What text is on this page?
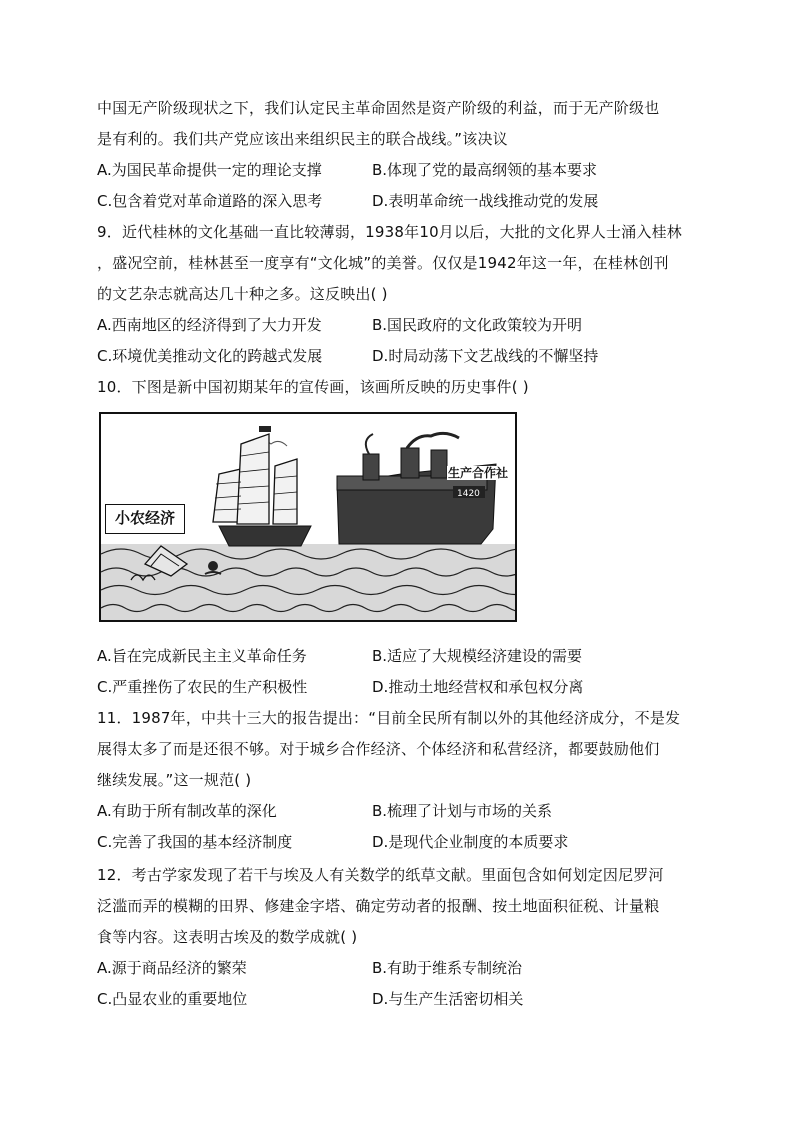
中国无产阶级现状之下，我们认定民主革命固然是资产阶级的利益，而于无产阶级也
是有利的。我们共产党应该出来组织民主的联合战线。”该决议
A.为国民革命提供一定的理论支撑	B.体现了党的最高纲领的基本要求
C.包含着党对革命道路的深入思考	D.表明革命统一战线推动党的发展
9．近代桂林的文化基础一直比较薄弱，1938年10月以后，大批的文化界人士涌入桂林
，盛况空前，桂林甚至一度享有“文化城”的美誉。仅仅是1942年这一年，在桂林创刊
的文艺杂志就高达几十种之多。这反映出( )
A.西南地区的经济得到了大力开发	B.国民政府的文化政策较为开明
C.环境优美推动文化的跨越式发展	D.时局动荡下文艺战线的不懈坚持
10．下图是新中国初期某年的宣传画，该画所反映的历史事件( )
1420
小农经济
生产合作社
A.旨在完成新民主主义革命任务	B.适应了大规模经济建设的需要
C.严重挫伤了农民的生产积极性	D.推动土地经营权和承包权分离
11．1987年，中共十三大的报告提出：“目前全民所有制以外的其他经济成分，不是发
展得太多了而是还很不够。对于城乡合作经济、个体经济和私营经济，都要鼓励他们
继续发展。”这一规范( )
A.有助于所有制改革的深化	B.梳理了计划与市场的关系
C.完善了我国的基本经济制度	D.是现代企业制度的本质要求
12．考古学家发现了若干与埃及人有关数学的纸草文献。里面包含如何划定因尼罗河
泛滥而弄的模糊的田界、修建金字塔、确定劳动者的报酬、按土地面积征税、计量粮
食等内容。这表明古埃及的数学成就( )
A.源于商品经济的繁荣	B.有助于维系专制统治
C.凸显农业的重要地位	D.与生产生活密切相关
